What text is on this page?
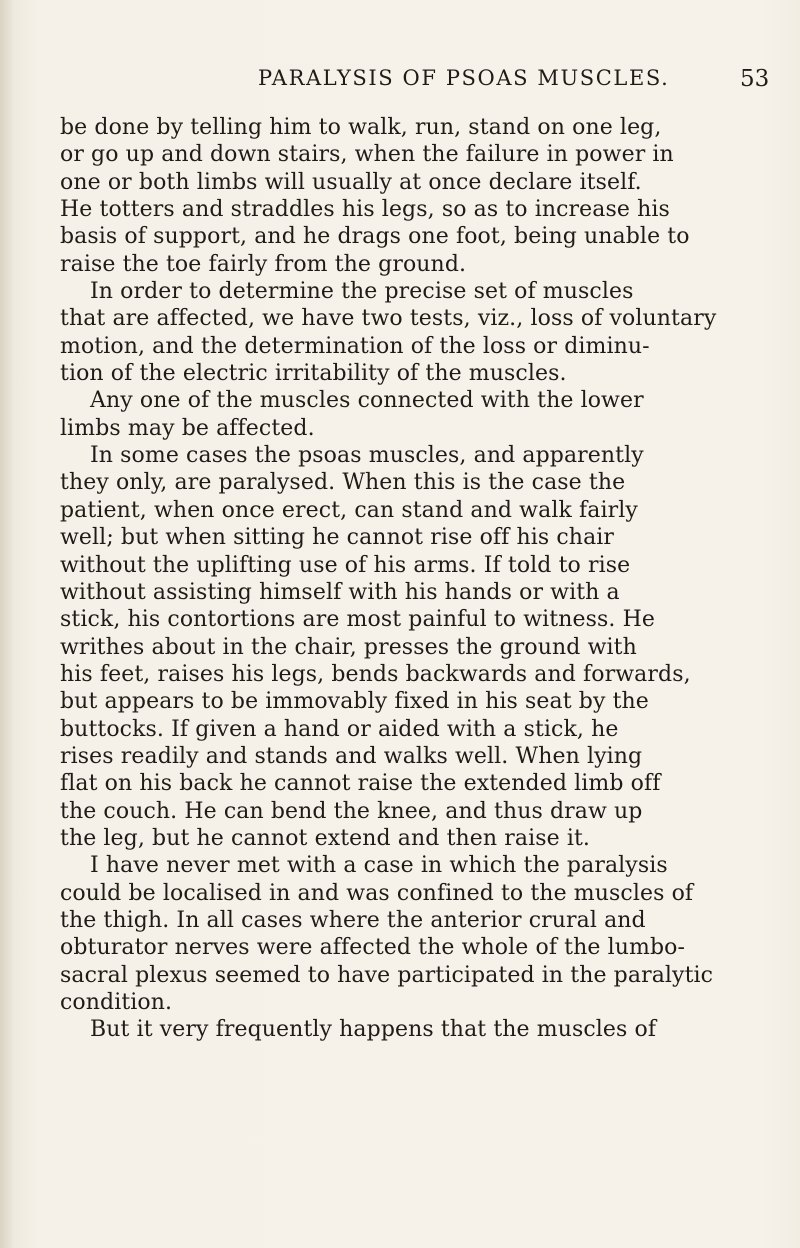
PARALYSIS OF PSOAS MUSCLES.	53
be done by telling him to walk, run, stand on one leg,
or go up and down stairs, when the failure in power in
one or both limbs will usually at once declare itself.
He totters and straddles his legs, so as to increase his
basis of support, and he drags one foot, being unable to
raise the toe fairly from the ground.
In order to determine the precise set of muscles
that are affected, we have two tests, viz., loss of voluntary
motion, and the determination of the loss or diminu-
tion of the electric irritability of the muscles.
Any one of the muscles connected with the lower
limbs may be affected.
In some cases the psoas muscles, and apparently
they only, are paralysed. When this is the case the
patient, when once erect, can stand and walk fairly
well; but when sitting he cannot rise off his chair
without the uplifting use of his arms. If told to rise
without assisting himself with his hands or with a
stick, his contortions are most painful to witness. He
writhes about in the chair, presses the ground with
his feet, raises his legs, bends backwards and forwards,
but appears to be immovably fixed in his seat by the
buttocks. If given a hand or aided with a stick, he
rises readily and stands and walks well. When lying
flat on his back he cannot raise the extended limb off
the couch. He can bend the knee, and thus draw up
the leg, but he cannot extend and then raise it.
I have never met with a case in which the paralysis
could be localised in and was confined to the muscles of
the thigh. In all cases where the anterior crural and
obturator nerves were affected the whole of the lumbo-
sacral plexus seemed to have participated in the paralytic
condition.
But it very frequently happens that the muscles of
